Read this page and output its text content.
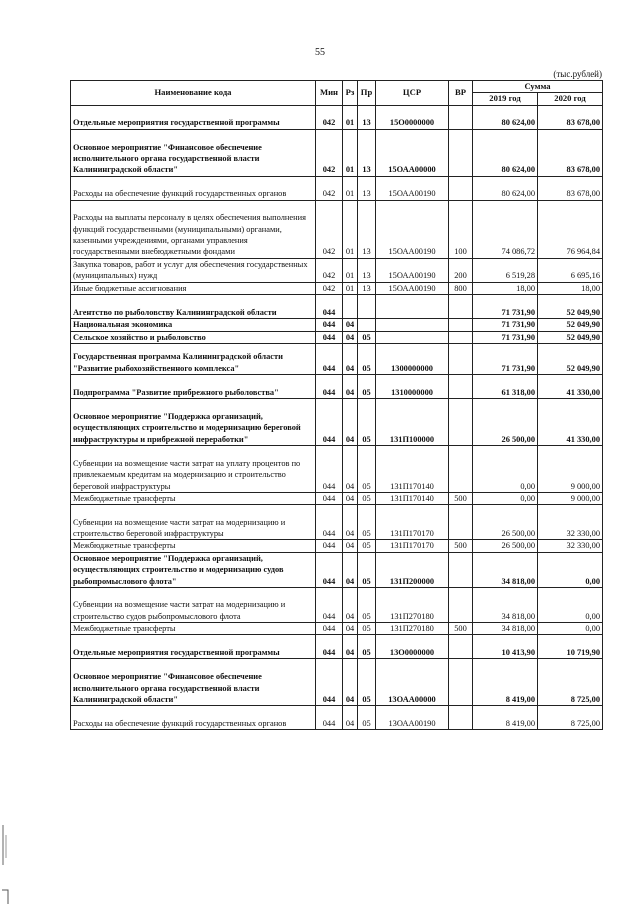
55
(тыс.рублей)
Наименование кода	Мин	Рз	Пр	ЦСР	ВР	Сумма	
						2019 год	2020 год
Отдельные мероприятия государственной программы	042	01	13	15О0000000		80 624,00	83 678,00
Основное мероприятие "Финансовое обеспечение исполнительного органа государственной власти Калининградской области"	042	01	13	15ОАА00000		80 624,00	83 678,00
Расходы на обеспечение функций государственных органов	042	01	13	15ОАА00190		80 624,00	83 678,00
Расходы на выплаты персоналу в целях обеспечения выполнения функций государственными (муниципальными) органами, казенными учреждениями, органами управления государственными внебюджетными фондами	042	01	13	15ОАА00190	100	74 086,72	76 964,84
Закупка товаров, работ и услуг для обеспечения государственных (муниципальных) нужд	042	01	13	15ОАА00190	200	6 519,28	6 695,16
Иные бюджетные ассигнования	042	01	13	15ОАА00190	800	18,00	18,00
Агентство по рыболовству Калининградской области	044					71 731,90	52 049,90
Национальная экономика	044	04				71 731,90	52 049,90
Сельское хозяйство и рыболовство	044	04	05			71 731,90	52 049,90
Государственная программа Калининградской области "Развитие рыбохозяйственного комплекса"	044	04	05	1300000000		71 731,90	52 049,90
Подпрограмма "Развитие прибрежного рыболовства"	044	04	05	1310000000		61 318,00	41 330,00
Основное мероприятие "Поддержка организаций, осуществляющих строительство и модернизацию береговой инфраструктуры и прибрежной переработки"	044	04	05	131П100000		26 500,00	41 330,00
Субвенции на возмещение части затрат на уплату процентов по привлекаемым кредитам на модернизацию и строительство береговой инфраструктуры	044	04	05	131П170140		0,00	9 000,00
Межбюджетные трансферты	044	04	05	131П170140	500	0,00	9 000,00
Субвенции на возмещение части затрат на модернизацию и строительство береговой инфраструктуры	044	04	05	131П170170		26 500,00	32 330,00
Межбюджетные трансферты	044	04	05	131П170170	500	26 500,00	32 330,00
Основное мероприятие "Поддержка организаций, осуществляющих строительство и модернизацию судов рыбопромыслового флота"	044	04	05	131П200000		34 818,00	0,00
Субвенции на возмещение части затрат на модернизацию и строительство судов рыбопромыслового флота	044	04	05	131П270180		34 818,00	0,00
Межбюджетные трансферты	044	04	05	131П270180	500	34 818,00	0,00
Отдельные мероприятия государственной программы	044	04	05	13О0000000		10 413,90	10 719,90
Основное мероприятие "Финансовое обеспечение исполнительного органа государственной власти Калининградской области"	044	04	05	13ОАА00000		8 419,00	8 725,00
Расходы на обеспечение функций государственных органов	044	04	05	13ОАА00190		8 419,00	8 725,00
